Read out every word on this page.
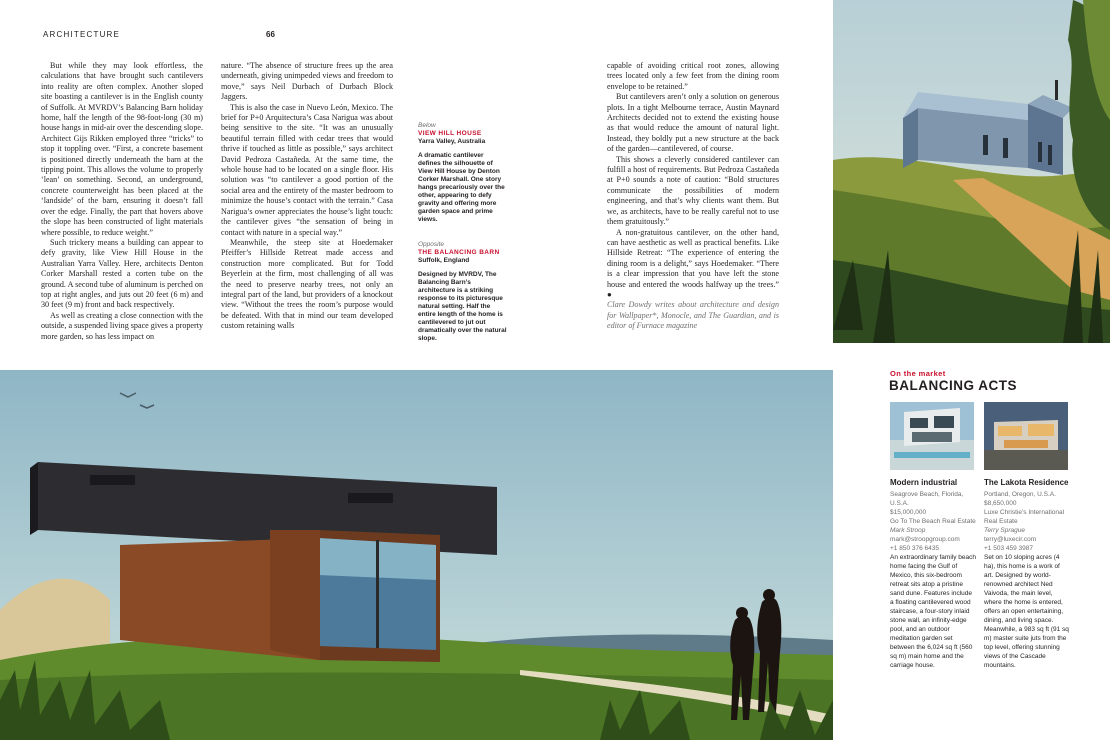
ARCHITECTURE	66

But while they may look effortless, the calculations that have brought such cantilevers into reality are often complex. Another sloped site boasting a cantilever is in the English county of Suffolk. At MVRDV’s Balancing Barn holiday home, half the length of the 98-foot-long (30 m) house hangs in mid-air over the descending slope. Architect Gijs Rikken employed three “tricks” to stop it toppling over. “First, a concrete basement is positioned directly underneath the barn at the tipping point. This allows the volume to properly ‘lean’ on something. Second, an underground, concrete counterweight has been placed at the ‘landside’ of the barn, ensuring it doesn’t fall over the edge. Finally, the part that hovers above the slope has been constructed of light materials where possible, to reduce weight.”

Such trickery means a building can appear to defy gravity, like View Hill House in the Australian Yarra Valley. Here, architects Denton Corker Marshall rested a corten tube on the ground. A second tube of aluminum is perched on top at right angles, and juts out 20 feet (6 m) and 30 feet (9 m) front and back respectively.

As well as creating a close connection with the outside, a suspended living space gives a property more garden, so has less impact on

nature. “The absence of structure frees up the area underneath, giving unimpeded views and freedom to move,” says Neil Durbach of Durbach Block Jaggers.

This is also the case in Nuevo León, Mexico. The brief for P+0 Arquitectura’s Casa Narigua was about being sensitive to the site. “It was an unusually beautiful terrain filled with cedar trees that would thrive if touched as little as possible,” says architect David Pedroza Castañeda. At the same time, the whole house had to be located on a single floor. His solution was “to cantilever a good portion of the social area and the entirety of the master bedroom to minimize the house’s contact with the terrain.” Casa Narigua’s owner appreciates the house’s light touch: the cantilever gives “the sensation of being in contact with nature in a special way.”

Meanwhile, the steep site at Hoedemaker Pfeiffer’s Hillside Retreat made access and construction more complicated. But for Todd Beyerlein at the firm, most challenging of all was the need to preserve nearby trees, not only an integral part of the land, but providers of a knockout view. “Without the trees the room’s purpose would be defeated. With that in mind our team developed custom retaining walls

Below
VIEW HILL HOUSE
Yarra Valley, Australia
A dramatic cantilever defines the silhouette of View Hill House by Denton Corker Marshall. One story hangs precariously over the other, appearing to defy gravity and offering more garden space and prime views.
Opposite
THE BALANCING BARN
Suffolk, England
Designed by MVRDV, The Balancing Barn’s architecture is a striking response to its picturesque natural setting. Half the entire length of the home is cantilevered to jut out dramatically over the natural slope.

capable of avoiding critical root zones, allowing trees located only a few feet from the dining room envelope to be retained.”

But cantilevers aren’t only a solution on generous plots. In a tight Melbourne terrace, Austin Maynard Architects decided not to extend the existing house as that would reduce the amount of natural light. Instead, they boldly put a new structure at the back of the garden—cantilevered, of course.

This shows a cleverly considered cantilever can fulfill a host of requirements. But Pedroza Castañeda at P+0 sounds a note of caution: “Bold structures communicate the possibilities of modern engineering, and that’s why clients want them. But we, as architects, have to be really careful not to use them gratuitously.”

A non-gratuitous cantilever, on the other hand, can have aesthetic as well as practical benefits. Like Hillside Retreat: “The experience of entering the dining room is a delight,” says Hoedemaker. “There is a clear impression that you have left the stone house and entered the woods halfway up the trees.” ●

Clare Dowdy writes about architecture and design for Wallpaper*, Monocle, and The Guardian, and is editor of Furnace magazine

On the market
BALANCING ACTS
Modern industrial
Seagrove Beach, Florida, U.S.A.
$15,000,000
Go To The Beach Real Estate
Mark Stroop
mark@stroopgroup.com
+1 850 376 6435
An extraordinary family beach home facing the Gulf of Mexico, this six-bedroom retreat sits atop a pristine sand dune. Features include a floating cantilevered wood staircase, a four-story inlaid stone wall, an infinity-edge pool, and an outdoor meditation garden set between the 6,024 sq ft (560 sq m) main home and the carriage house.
The Lakota Residence
Portland, Oregon, U.S.A.
$8,650,000
Luxe Christie’s International Real Estate
Terry Sprague
terry@luxecir.com
+1 503 459 3987
Set on 10 sloping acres (4 ha), this home is a work of art. Designed by world-renowned architect Ned Vaivoda, the main level, where the home is entered, offers an open entertaining, dining, and living space. Meanwhile, a 983 sq ft (91 sq m) master suite juts from the top level, offering stunning views of the Cascade mountains.
